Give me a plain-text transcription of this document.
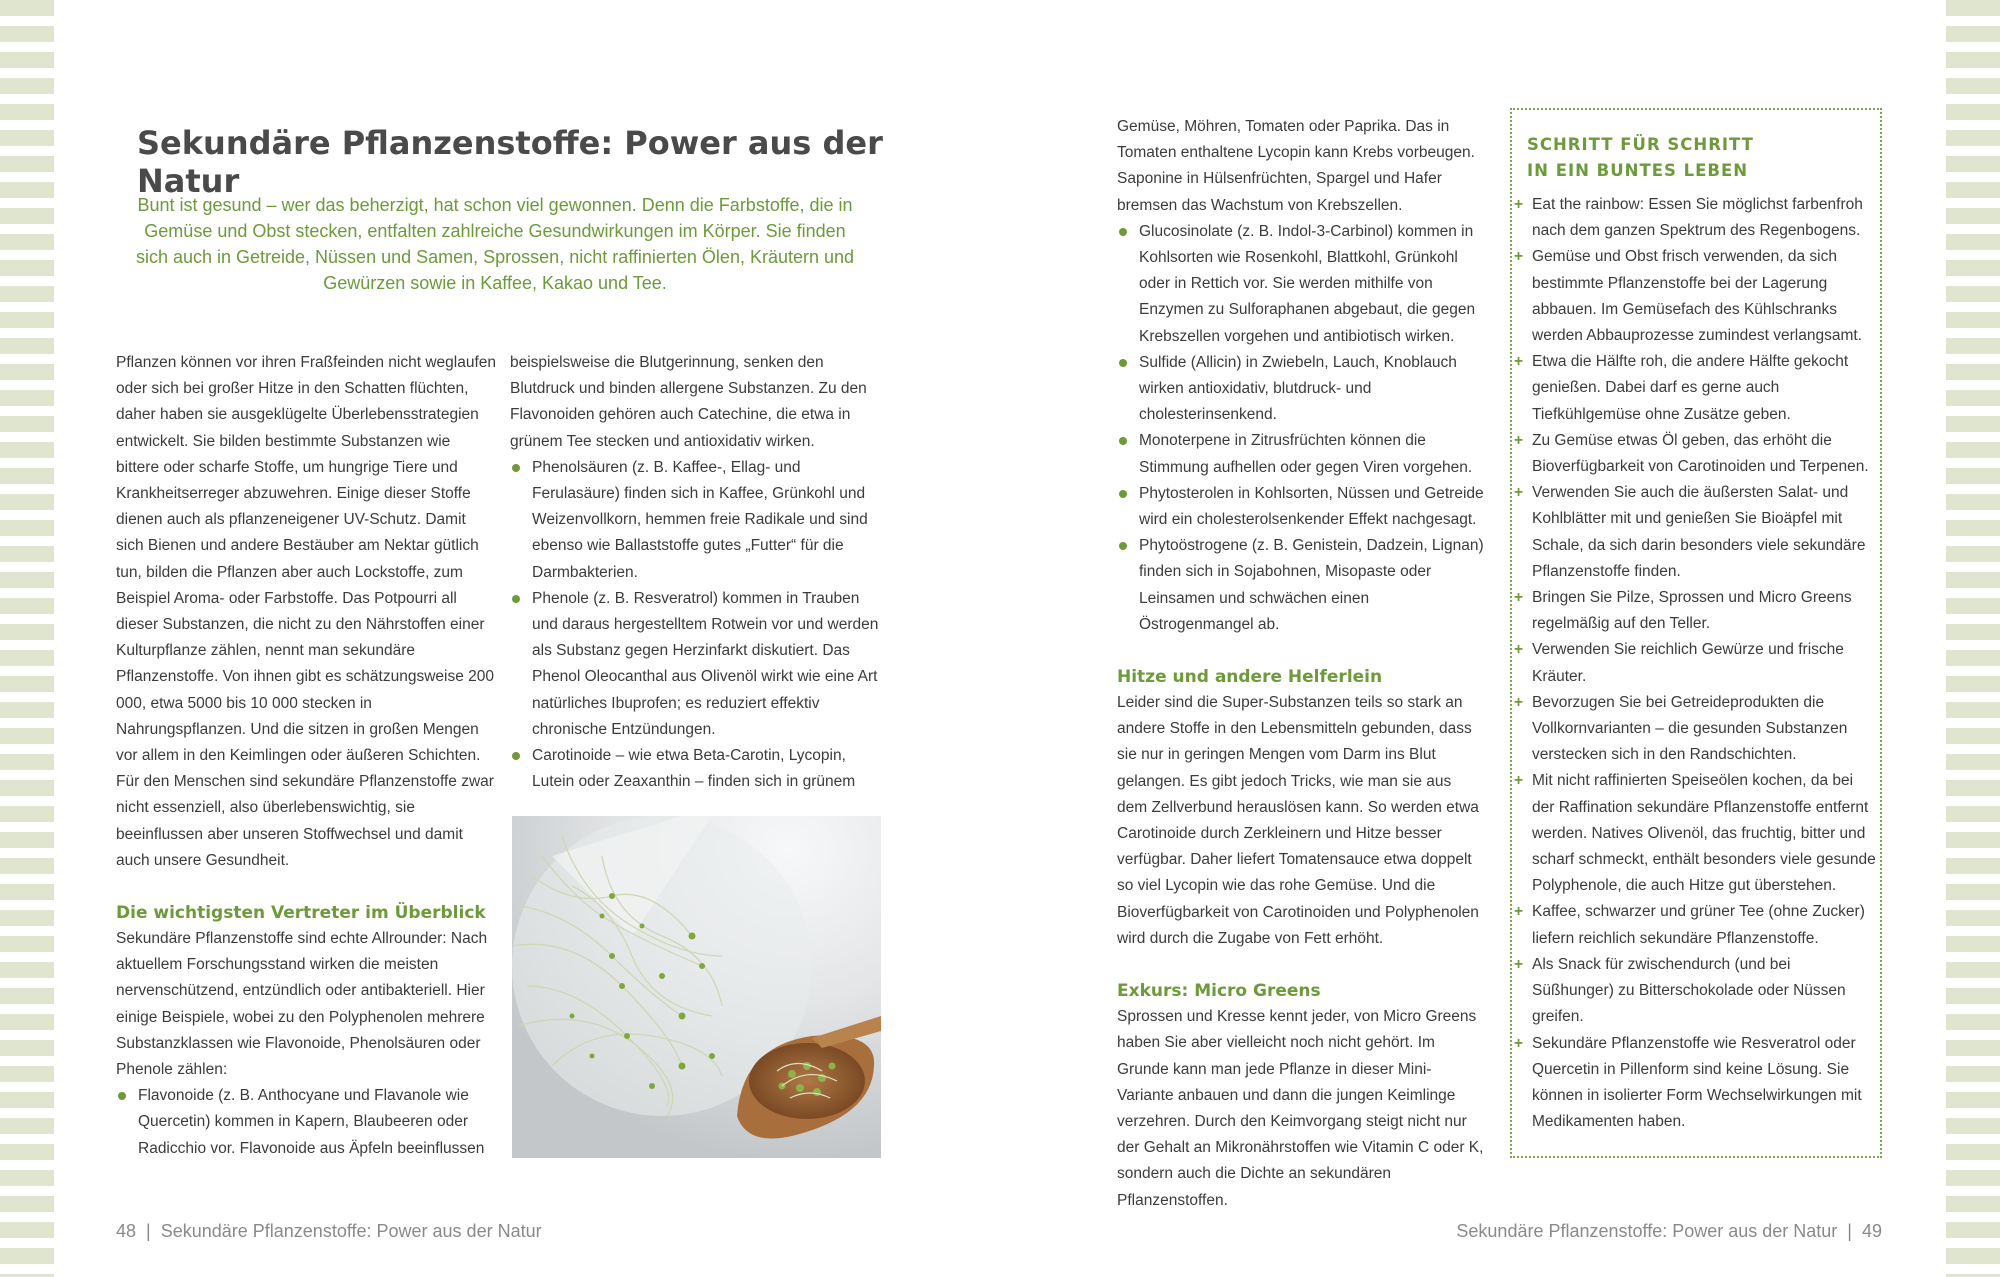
Sekundäre Pflanzenstoffe: Power aus der Natur

Bunt ist gesund – wer das beherzigt, hat schon viel gewonnen. Denn die Farbstoffe, die in Gemüse und Obst stecken, entfalten zahlreiche Gesundwirkungen im Körper. Sie finden sich auch in Getreide, Nüssen und Samen, Sprossen, nicht raffinierten Ölen, Kräutern und Gewürzen sowie in Kaffee, Kakao und Tee.

Pflanzen können vor ihren Fraßfeinden nicht weglaufen oder sich bei großer Hitze in den Schatten flüchten, daher haben sie ausgeklügelte Überlebensstrategien entwickelt. Sie bilden bestimmte Substanzen wie bittere oder scharfe Stoffe, um hungrige Tiere und Krankheitserreger abzuwehren. Einige dieser Stoffe dienen auch als pflanzeneigener UV-Schutz. Damit sich Bienen und andere Bestäuber am Nektar gütlich tun, bilden die Pflanzen aber auch Lockstoffe, zum Beispiel Aroma- oder Farbstoffe. Das Potpourri all dieser Substanzen, die nicht zu den Nährstoffen einer Kulturpflanze zählen, nennt man sekundäre Pflanzenstoffe. Von ihnen gibt es schätzungsweise 200 000, etwa 5000 bis 10 000 stecken in Nahrungspflanzen. Und die sitzen in großen Mengen vor allem in den Keimlingen oder äußeren Schichten. Für den Menschen sind sekundäre Pflanzenstoffe zwar nicht essenziell, also überlebenswichtig, sie beeinflussen aber unseren Stoffwechsel und damit auch unsere Gesundheit.

Die wichtigsten Vertreter im Überblick

Sekundäre Pflanzenstoffe sind echte Allrounder: Nach aktuellem Forschungsstand wirken die meisten nervenschützend, entzündlich oder antibakteriell. Hier einige Beispiele, wobei zu den Polyphenolen mehrere Substanzklassen wie Flavonoide, Phenolsäuren oder Phenole zählen:

Flavonoide (z. B. Anthocyane und Flavanole wie Quercetin) kommen in Kapern, Blaubeeren oder Radicchio vor. Flavonoide aus Äpfeln beeinflussen

beispielsweise die Blutgerinnung, senken den Blutdruck und binden allergene Substanzen. Zu den Flavonoiden gehören auch Catechine, die etwa in grünem Tee stecken und antioxidativ wirken.

Phenolsäuren (z. B. Kaffee-, Ellag- und Ferulasäure) finden sich in Kaffee, Grünkohl und Weizenvollkorn, hemmen freie Radikale und sind ebenso wie Ballaststoffe gutes „Futter“ für die Darmbakterien.
Phenole (z. B. Resveratrol) kommen in Trauben und daraus hergestelltem Rotwein vor und werden als Substanz gegen Herzinfarkt diskutiert. Das Phenol Oleocanthal aus Olivenöl wirkt wie eine Art natürliches Ibuprofen; es reduziert effektiv chronische Entzündungen.
Carotinoide – wie etwa Beta-Carotin, Lycopin, Lutein oder Zeaxanthin – finden sich in grünem

Gemüse, Möhren, Tomaten oder Paprika. Das in Tomaten enthaltene Lycopin kann Krebs vorbeugen. Saponine in Hülsenfrüchten, Spargel und Hafer bremsen das Wachstum von Krebszellen.

Glucosinolate (z. B. Indol-3-Carbinol) kommen in Kohlsorten wie Rosenkohl, Blattkohl, Grünkohl oder in Rettich vor. Sie werden mithilfe von Enzymen zu Sulforaphanen abgebaut, die gegen Krebszellen vorgehen und antibiotisch wirken.
Sulfide (Allicin) in Zwiebeln, Lauch, Knoblauch wirken antioxidativ, blutdruck- und cholesterinsenkend.
Monoterpene in Zitrusfrüchten können die Stimmung aufhellen oder gegen Viren vorgehen.
Phytosterolen in Kohlsorten, Nüssen und Getreide wird ein cholesterolsenkender Effekt nachgesagt.
Phytoöstrogene (z. B. Genistein, Dadzein, Lignan) finden sich in Sojabohnen, Misopaste oder Leinsamen und schwächen einen Östrogenmangel ab.
Hitze und andere Helferlein

Leider sind die Super-Substanzen teils so stark an andere Stoffe in den Lebensmitteln gebunden, dass sie nur in geringen Mengen vom Darm ins Blut gelangen. Es gibt jedoch Tricks, wie man sie aus dem Zellverbund herauslösen kann. So werden etwa Carotinoide durch Zerkleinern und Hitze besser verfügbar. Daher liefert Tomatensauce etwa doppelt so viel Lycopin wie das rohe Gemüse. Und die Bioverfügbarkeit von Carotinoiden und Polyphenolen wird durch die Zugabe von Fett erhöht.

Exkurs: Micro Greens

Sprossen und Kresse kennt jeder, von Micro Greens haben Sie aber vielleicht noch nicht gehört. Im Grunde kann man jede Pflanze in dieser Mini-Variante anbauen und dann die jungen Keimlinge verzehren. Durch den Keimvorgang steigt nicht nur der Gehalt an Mikronährstoffen wie Vitamin C oder K, sondern auch die Dichte an sekundären Pflanzenstoffen.

SCHRITT FÜR SCHRITT
IN EIN BUNTES LEBEN
+ Eat the rainbow: Essen Sie möglichst farbenfroh nach dem ganzen Spektrum des Regenbogens.
+ Gemüse und Obst frisch verwenden, da sich bestimmte Pflanzenstoffe bei der Lagerung abbauen. Im Gemüsefach des Kühlschranks werden Abbauprozesse zumindest verlangsamt.
+ Etwa die Hälfte roh, die andere Hälfte gekocht genießen. Dabei darf es gerne auch Tiefkühlgemüse ohne Zusätze geben.
+ Zu Gemüse etwas Öl geben, das erhöht die Bioverfügbarkeit von Carotinoiden und Terpenen.
+ Verwenden Sie auch die äußersten Salat- und Kohlblätter mit und genießen Sie Bioäpfel mit Schale, da sich darin besonders viele sekundäre Pflanzenstoffe finden.
+ Bringen Sie Pilze, Sprossen und Micro Greens regelmäßig auf den Teller.
+ Verwenden Sie reichlich Gewürze und frische Kräuter.
+ Bevorzugen Sie bei Getreideprodukten die Vollkornvarianten – die gesunden Substanzen verstecken sich in den Randschichten.
+ Mit nicht raffinierten Speiseölen kochen, da bei der Raffination sekundäre Pflanzenstoffe entfernt werden. Natives Olivenöl, das fruchtig, bitter und scharf schmeckt, enthält besonders viele gesunde Polyphenole, die auch Hitze gut überstehen.
+ Kaffee, schwarzer und grüner Tee (ohne Zucker) liefern reichlich sekundäre Pflanzenstoffe.
+ Als Snack für zwischendurch (und bei Süßhunger) zu Bitterschokolade oder Nüssen greifen.
+ Sekundäre Pflanzenstoffe wie Resveratrol oder Quercetin in Pillenform sind keine Lösung. Sie können in isolierter Form Wechselwirkungen mit Medikamenten haben.
48  |  Sekundäre Pflanzenstoffe: Power aus der Natur	Sekundäre Pflanzenstoffe: Power aus der Natur  |  49
